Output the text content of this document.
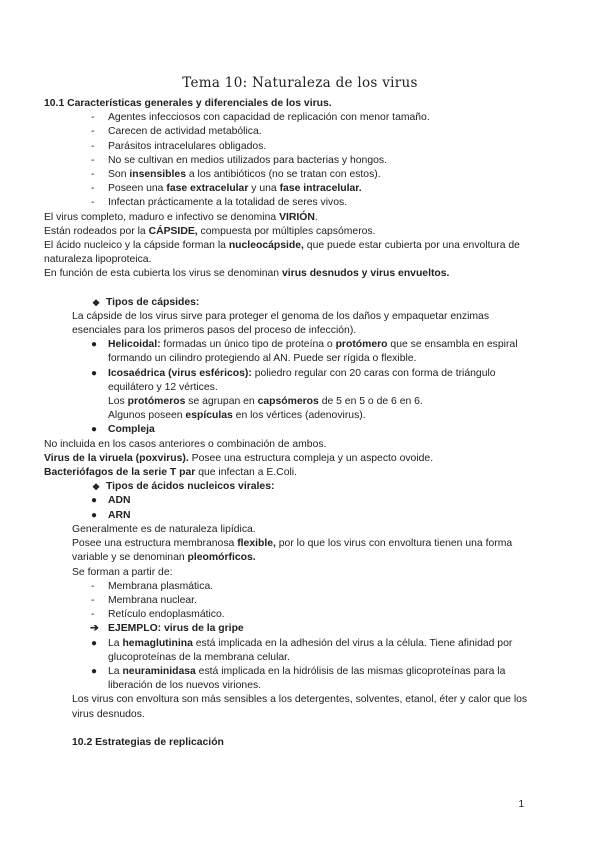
Tema 10: Naturaleza de los virus
10.1 Características generales y diferenciales de los virus.
- Agentes infecciosos con capacidad de replicación con menor tamaño.
- Carecen de actividad metabólica.
- Parásitos intracelulares obligados.
- No se cultivan en medios utilizados para bacterias y hongos.
- Son insensibles a los antibióticos (no se tratan con estos).
- Poseen una fase extracelular y una fase intracelular.
- Infectan prácticamente a la totalidad de seres vivos.
El virus completo, maduro e infectivo se denomina VIRIÓN.
Están rodeados por la CÁPSIDE, compuesta por múltiples capsómeros.
El ácido nucleico y la cápside forman la nucleocápside, que puede estar cubierta por una envoltura de
naturaleza lipoproteica.
En función de esta cubierta los virus se denominan virus desnudos y virus envueltos.
❖ Tipos de cápsides:
La cápside de los virus sirve para proteger el genoma de los daños y empaquetar enzimas
esenciales para los primeros pasos del proceso de infección).
● Helicoidal: formadas un único tipo de proteína o protómero que se ensambla en espiral
formando un cilindro protegiendo al AN. Puede ser rígida o flexible.
● Icosaédrica (virus esféricos): poliedro regular con 20 caras con forma de triángulo
equilátero y 12 vértices.
Los protómeros se agrupan en capsómeros de 5 en 5 o de 6 en 6.
Algunos poseen espículas en los vértices (adenovirus).
● Compleja
No incluida en los casos anteriores o combinación de ambos.
Virus de la viruela (poxvirus). Posee una estructura compleja y un aspecto ovoide.
Bacteriófagos de la serie T par que infectan a E.Coli.
❖ Tipos de ácidos nucleicos virales:
● ADN
● ARN
Generalmente es de naturaleza lipídica.
Posee una estructura membranosa flexible, por lo que los virus con envoltura tienen una forma
variable y se denominan pleomórficos.
Se forman a partir de:
- Membrana plasmática.
- Membrana nuclear.
- Retículo endoplasmático.
➔ EJEMPLO: virus de la gripe
● La hemaglutinina está implicada en la adhesión del virus a la célula. Tiene afinidad por
glucoproteínas de la membrana celular.
● La neuraminidasa está implicada en la hidrólisis de las mismas glicoproteínas para la
liberación de los nuevos viriones.
Los virus con envoltura son más sensibles a los detergentes, solventes, etanol, éter y calor que los
virus desnudos.
10.2 Estrategias de replicación
1
